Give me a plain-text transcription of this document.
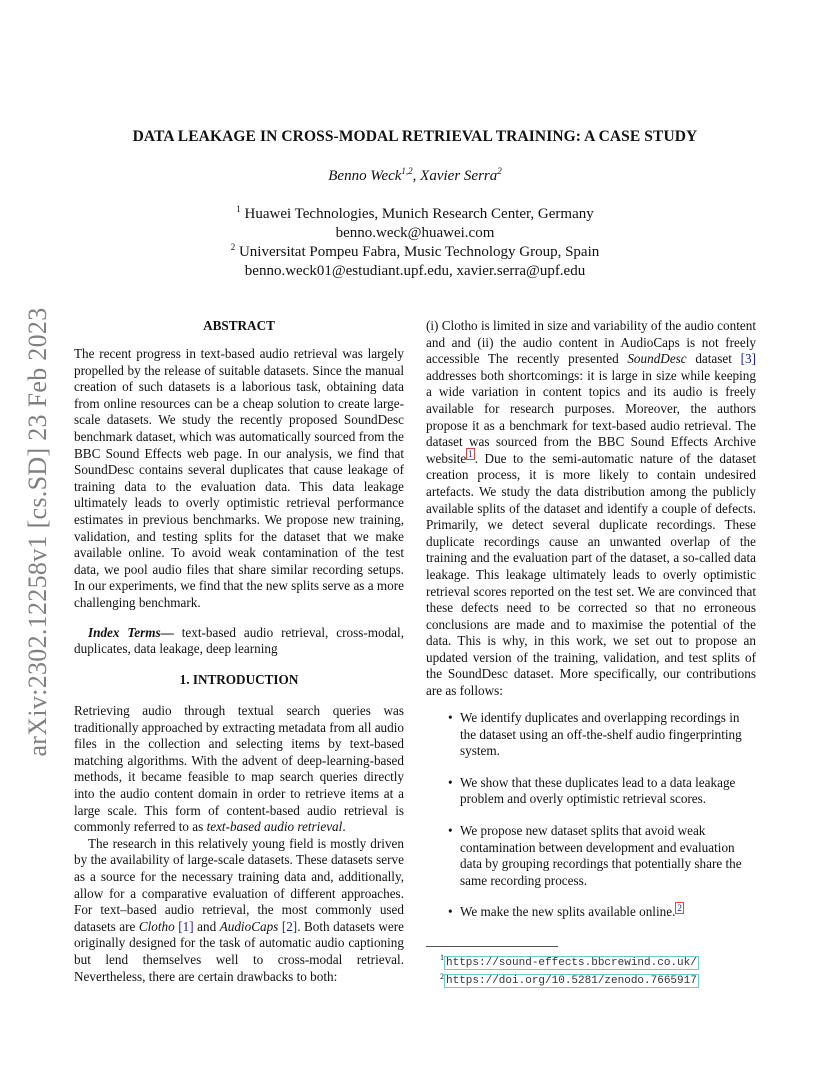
arXiv:2302.12258v1 [cs.SD] 23 Feb 2023
DATA LEAKAGE IN CROSS-MODAL RETRIEVAL TRAINING: A CASE STUDY
Benno Weck$^{1,2}$, Xavier Serra$^2$
$^1$ Huawei Technologies, Munich Research Center, Germany
benno.weck@huawei.com
$^2$ Universitat Pompeu Fabra, Music Technology Group, Spain
benno.weck01@estudiant.upf.edu, xavier.serra@upf.edu
ABSTRACT

The recent progress in text-based audio retrieval was largely propelled by the release of suitable datasets. Since the manual creation of such datasets is a laborious task, obtaining data from online resources can be a cheap solution to create large-scale datasets. We study the recently proposed SoundDesc benchmark dataset, which was automatically sourced from the BBC Sound Effects web page. In our analysis, we find that SoundDesc contains several duplicates that cause leakage of training data to the evaluation data. This data leakage ultimately leads to overly optimistic retrieval performance estimates in previous benchmarks. We propose new training, validation, and testing splits for the dataset that we make available online. To avoid weak contamination of the test data, we pool audio files that share similar recording setups. In our experiments, we find that the new splits serve as a more challenging benchmark.

Index Terms— text-based audio retrieval, cross-modal, duplicates, data leakage, deep learning

1. INTRODUCTION

Retrieving audio through textual search queries was traditionally approached by extracting metadata from all audio files in the collection and selecting items by text-based matching algorithms. With the advent of deep-learning-based methods, it became feasible to map search queries directly into the audio content domain in order to retrieve items at a large scale. This form of content-based audio retrieval is commonly referred to as text-based audio retrieval.

The research in this relatively young field is mostly driven by the availability of large-scale datasets. These datasets serve as a source for the necessary training data and, additionally, allow for a comparative evaluation of different approaches. For text–based audio retrieval, the most commonly used datasets are Clotho [1] and AudioCaps [2]. Both datasets were originally designed for the task of automatic audio captioning but lend themselves well to cross-modal retrieval. Nevertheless, there are certain drawbacks to both:

(i) Clotho is limited in size and variability of the audio content and and (ii) the audio content in AudioCaps is not freely accessible The recently presented SoundDesc dataset [3] addresses both shortcomings: it is large in size while keeping a wide variation in content topics and its audio is freely available for research purposes. Moreover, the authors propose it as a benchmark for text-based audio retrieval. The dataset was sourced from the BBC Sound Effects Archive website $^1$ . Due to the semi-automatic nature of the dataset creation process, it is more likely to contain undesired artefacts. We study the data distribution among the publicly available splits of the dataset and identify a couple of defects. Primarily, we detect several duplicate recordings. These duplicate recordings cause an unwanted overlap of the training and the evaluation part of the dataset, a so-called data leakage. This leakage ultimately leads to overly optimistic retrieval scores reported on the test set. We are convinced that these defects need to be corrected so that no erroneous conclusions are made and to maximise the potential of the data. This is why, in this work, we set out to propose an updated version of the training, validation, and test splits of the SoundDesc dataset. More specifically, our contributions are as follows:

• We identify duplicates and overlapping recordings in the dataset using an off-the-shelf audio fingerprinting system.
• We show that these duplicates lead to a data leakage problem and overly optimistic retrieval scores.
• We propose new dataset splits that avoid weak contamination between development and evaluation data by grouping recordings that potentially share the same recording process.
• We make the new splits available online. $^2$
$^1$ https://sound-effects.bbcrewind.co.uk/
$^2$ https://doi.org/10.5281/zenodo.7665917
